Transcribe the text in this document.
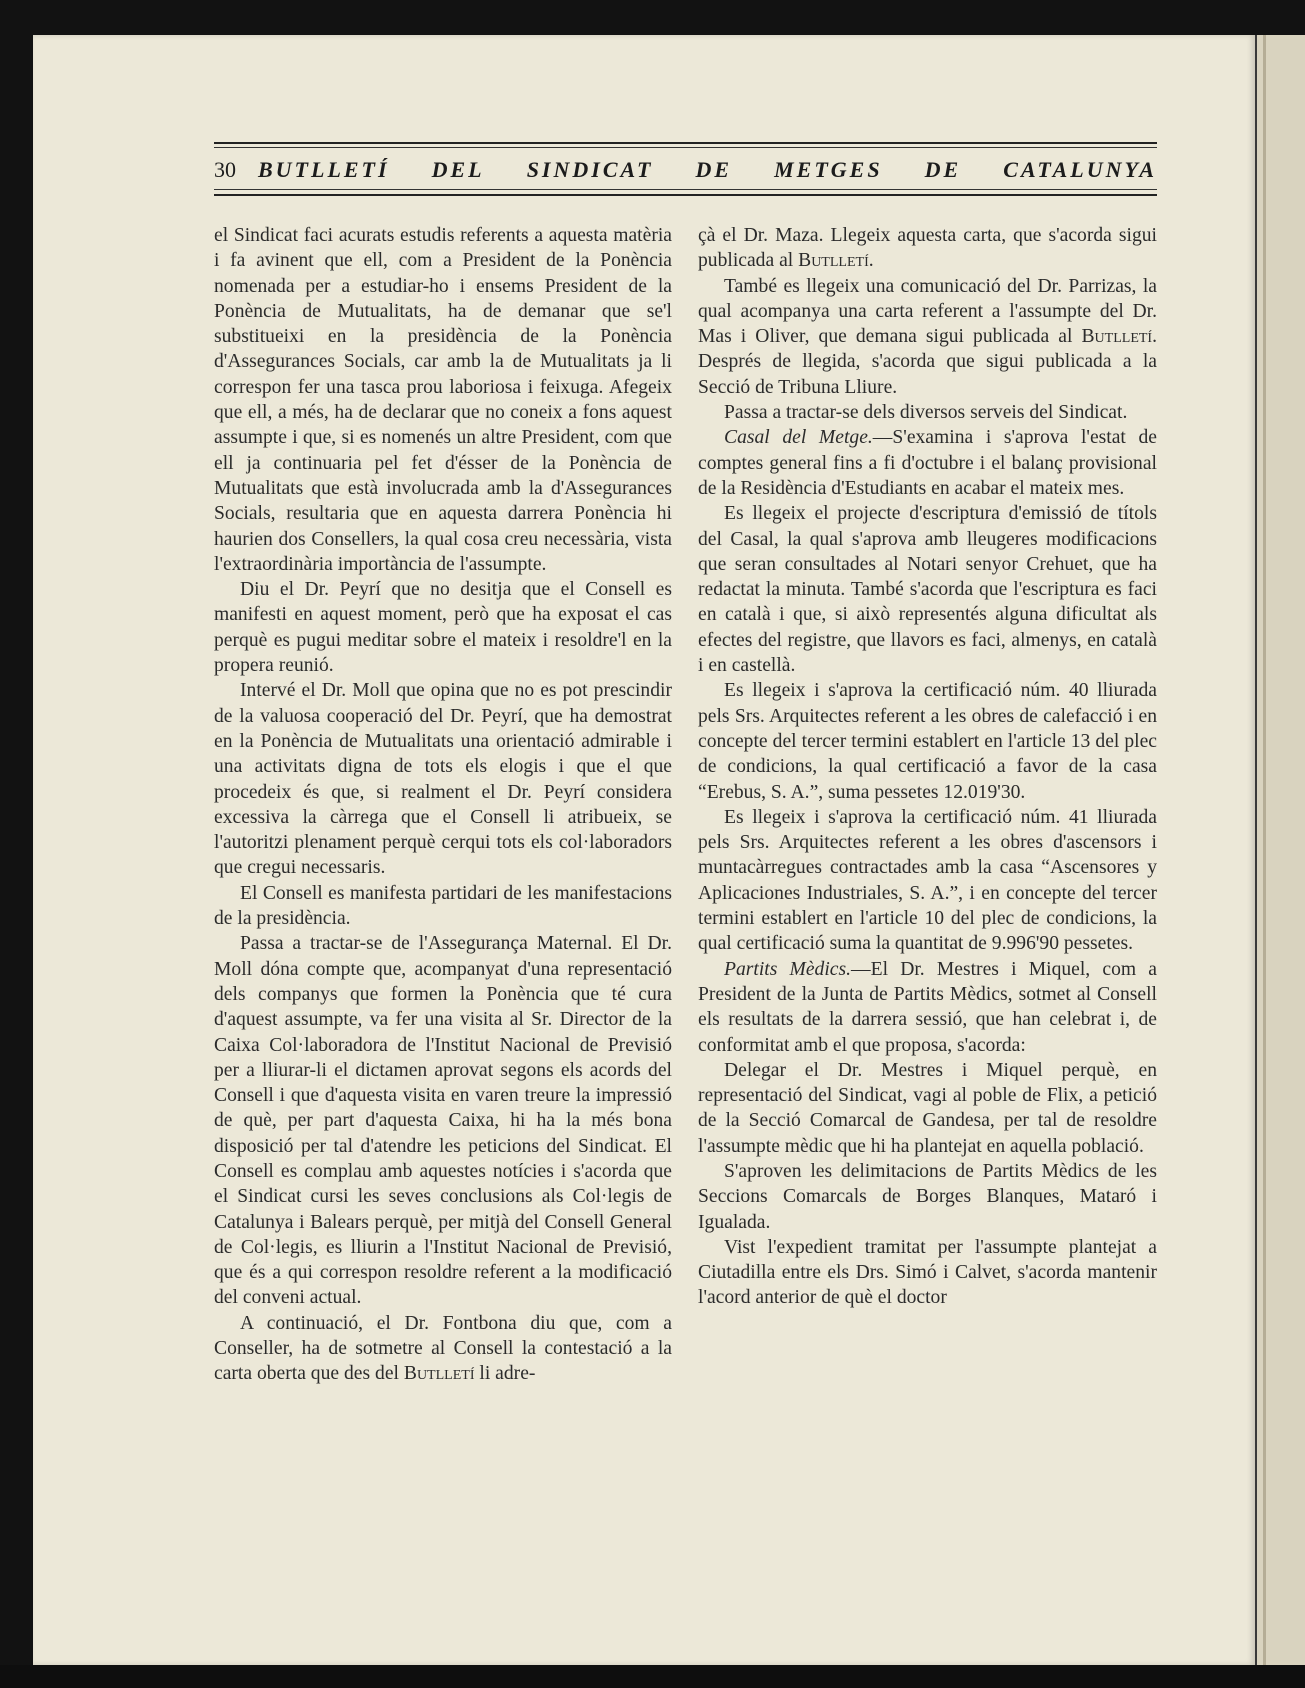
30 BUTLLETÍ DEL SINDICAT DE METGES DE CATALUNYA

el Sindicat faci acurats estudis referents a aquesta matèria i fa avinent que ell, com a President de la Ponència nomenada per a estudiar-ho i ensems President de la Ponència de Mutualitats, ha de demanar que se'l substitueixi en la presidència de la Ponència d'Assegurances Socials, car amb la de Mutualitats ja li correspon fer una tasca prou laboriosa i feixuga. Afegeix que ell, a més, ha de declarar que no coneix a fons aquest assumpte i que, si es nomenés un altre President, com que ell ja continuaria pel fet d'ésser de la Ponència de Mutualitats que està involucrada amb la d'Assegurances Socials, resultaria que en aquesta darrera Ponència hi haurien dos Consellers, la qual cosa creu necessària, vista l'extraordinària importància de l'assumpte.

Diu el Dr. Peyrí que no desitja que el Consell es manifesti en aquest moment, però que ha exposat el cas perquè es pugui meditar sobre el mateix i resoldre'l en la propera reunió.

Intervé el Dr. Moll que opina que no es pot prescindir de la valuosa cooperació del Dr. Peyrí, que ha demostrat en la Ponència de Mutualitats una orientació admirable i una activitats digna de tots els elogis i que el que procedeix és que, si realment el Dr. Peyrí considera excessiva la càrrega que el Consell li atribueix, se l'autoritzi plenament perquè cerqui tots els col·laboradors que cregui necessaris.

El Consell es manifesta partidari de les manifestacions de la presidència.

Passa a tractar-se de l'Assegurança Maternal. El Dr. Moll dóna compte que, acompanyat d'una representació dels companys que formen la Ponència que té cura d'aquest assumpte, va fer una visita al Sr. Director de la Caixa Col·laboradora de l'Institut Nacional de Previsió per a lliurar-li el dictamen aprovat segons els acords del Consell i que d'aquesta visita en varen treure la impressió de què, per part d'aquesta Caixa, hi ha la més bona disposició per tal d'atendre les peticions del Sindicat. El Consell es complau amb aquestes notícies i s'acorda que el Sindicat cursi les seves conclusions als Col·legis de Catalunya i Balears perquè, per mitjà del Consell General de Col·legis, es lliurin a l'Institut Nacional de Previsió, que és a qui correspon resoldre referent a la modificació del conveni actual.

A continuació, el Dr. Fontbona diu que, com a Conseller, ha de sotmetre al Consell la contestació a la carta oberta que des del Butlletí li adre-

çà el Dr. Maza. Llegeix aquesta carta, que s'acorda sigui publicada al Butlletí.

També es llegeix una comunicació del Dr. Parrizas, la qual acompanya una carta referent a l'assumpte del Dr. Mas i Oliver, que demana sigui publicada al Butlletí. Després de llegida, s'acorda que sigui publicada a la Secció de Tribuna Lliure.

Passa a tractar-se dels diversos serveis del Sindicat.

Casal del Metge.—S'examina i s'aprova l'estat de comptes general fins a fi d'octubre i el balanç provisional de la Residència d'Estudiants en acabar el mateix mes.

Es llegeix el projecte d'escriptura d'emissió de títols del Casal, la qual s'aprova amb lleugeres modificacions que seran consultades al Notari senyor Crehuet, que ha redactat la minuta. També s'acorda que l'escriptura es faci en català i que, si això representés alguna dificultat als efectes del registre, que llavors es faci, almenys, en català i en castellà.

Es llegeix i s'aprova la certificació núm. 40 lliurada pels Srs. Arquitectes referent a les obres de calefacció i en concepte del tercer termini establert en l'article 13 del plec de condicions, la qual certificació a favor de la casa “Erebus, S. A.”, suma pessetes 12.019'30.

Es llegeix i s'aprova la certificació núm. 41 lliurada pels Srs. Arquitectes referent a les obres d'ascensors i muntacàrregues contractades amb la casa “Ascensores y Aplicaciones Industriales, S. A.”, i en concepte del tercer termini establert en l'article 10 del plec de condicions, la qual certificació suma la quantitat de 9.996'90 pessetes.

Partits Mèdics.—El Dr. Mestres i Miquel, com a President de la Junta de Partits Mèdics, sotmet al Consell els resultats de la darrera sessió, que han celebrat i, de conformitat amb el que proposa, s'acorda:

Delegar el Dr. Mestres i Miquel perquè, en representació del Sindicat, vagi al poble de Flix, a petició de la Secció Comarcal de Gandesa, per tal de resoldre l'assumpte mèdic que hi ha plantejat en aquella població.

S'aproven les delimitacions de Partits Mèdics de les Seccions Comarcals de Borges Blanques, Mataró i Igualada.

Vist l'expedient tramitat per l'assumpte plantejat a Ciutadilla entre els Drs. Simó i Calvet, s'acorda mantenir l'acord anterior de què el doctor
